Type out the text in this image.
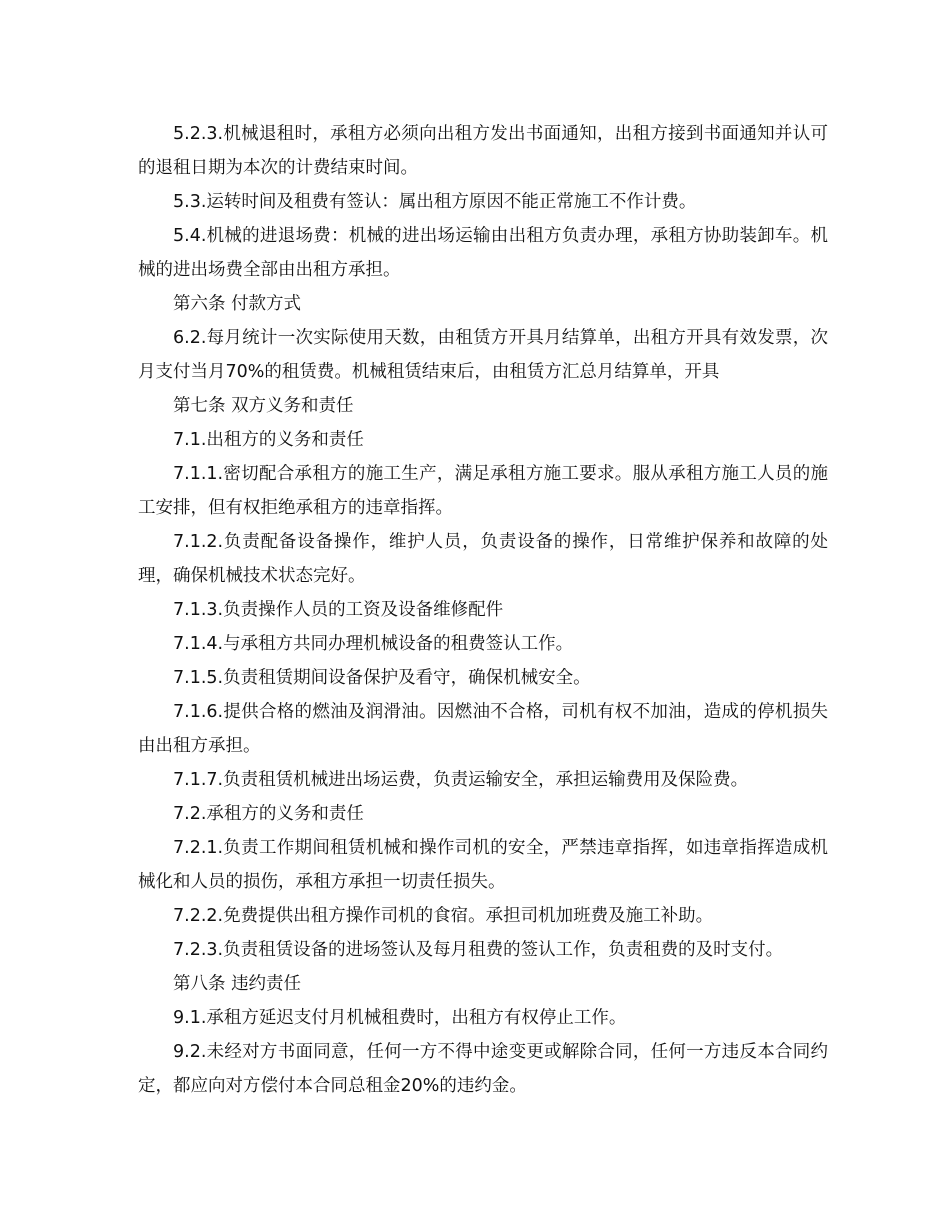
5.2.3.机械退租时，承租方必须向出租方发出书面通知，出租方接到书面通知并认可的退租日期为本次的计费结束时间。

5.3.运转时间及租费有签认：属出租方原因不能正常施工不作计费。

5.4.机械的进退场费：机械的进出场运输由出租方负责办理，承租方协助装卸车。机械的进出场费全部由出租方承担。

第六条 付款方式

6.2.每月统计一次实际使用天数，由租赁方开具月结算单，出租方开具有效发票，次月支付当月70%的租赁费。机械租赁结束后，由租赁方汇总月结算单，开具

第七条 双方义务和责任

7.1.出租方的义务和责任

7.1.1.密切配合承租方的施工生产，满足承租方施工要求。服从承租方施工人员的施工安排，但有权拒绝承租方的违章指挥。

7.1.2.负责配备设备操作，维护人员，负责设备的操作，日常维护保养和故障的处理，确保机械技术状态完好。

7.1.3.负责操作人员的工资及设备维修配件

7.1.4.与承租方共同办理机械设备的租费签认工作。

7.1.5.负责租赁期间设备保护及看守，确保机械安全。

7.1.6.提供合格的燃油及润滑油。因燃油不合格，司机有权不加油，造成的停机损失由出租方承担。

7.1.7.负责租赁机械进出场运费，负责运输安全，承担运输费用及保险费。

7.2.承租方的义务和责任

7.2.1.负责工作期间租赁机械和操作司机的安全，严禁违章指挥，如违章指挥造成机械化和人员的损伤，承租方承担一切责任损失。

7.2.2.免费提供出租方操作司机的食宿。承担司机加班费及施工补助。

7.2.3.负责租赁设备的进场签认及每月租费的签认工作，负责租费的及时支付。

第八条 违约责任

9.1.承租方延迟支付月机械租费时，出租方有权停止工作。

9.2.未经对方书面同意，任何一方不得中途变更或解除合同，任何一方违反本合同约定，都应向对方偿付本合同总租金20%的违约金。
